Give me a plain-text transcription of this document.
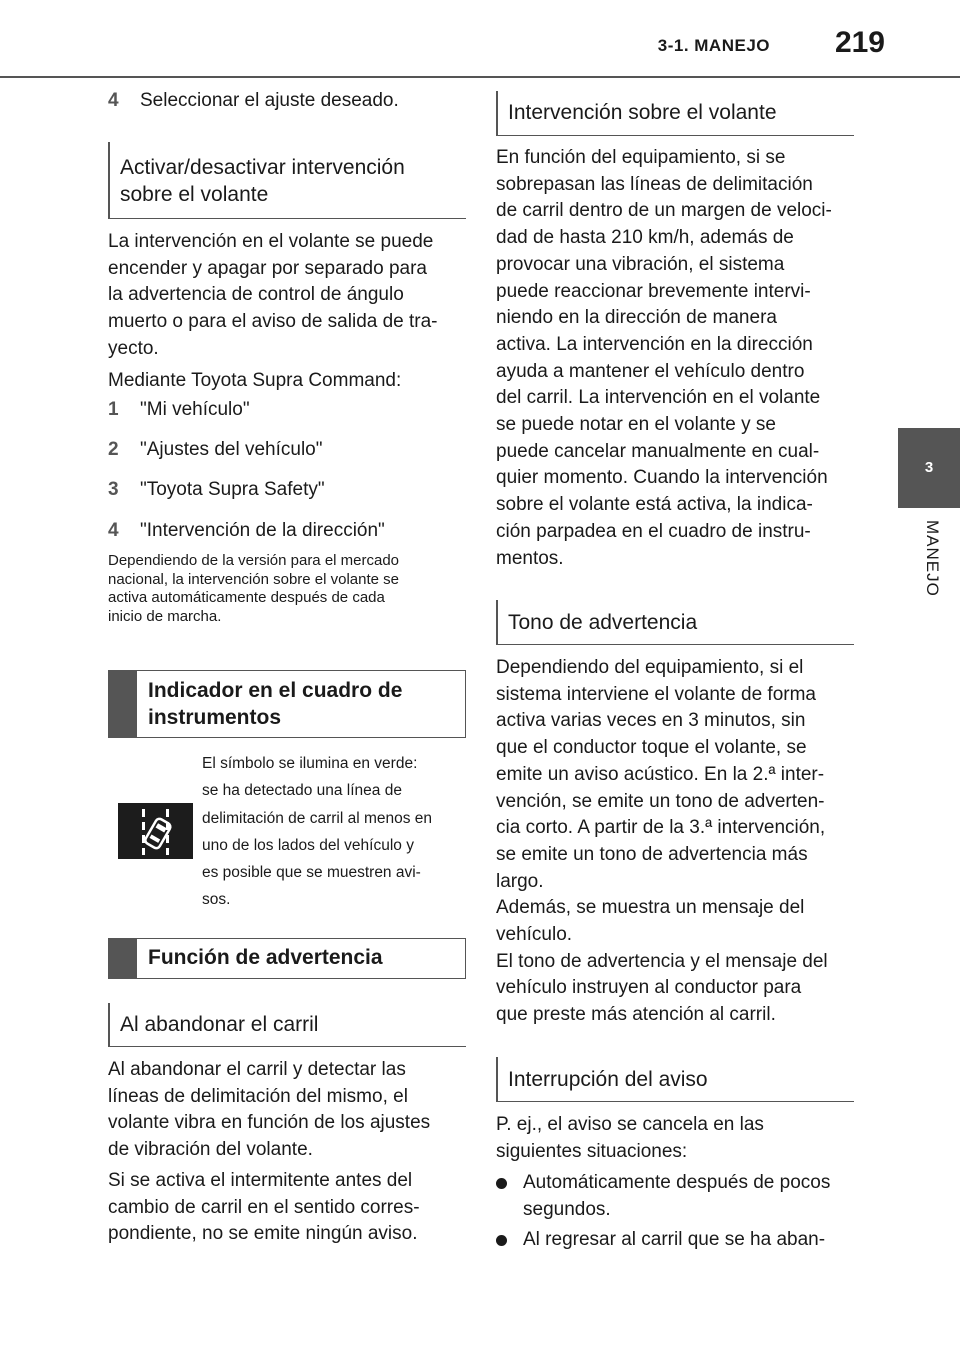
3-1. MANEJO 219
3
MANEJO
4 Seleccionar el ajuste deseado.
Activar/desactivar intervención
sobre el volante
La intervención en el volante se puede
encender y apagar por separado para
la advertencia de control de ángulo
muerto o para el aviso de salida de tra-
yecto.
Mediante Toyota Supra Command:
1 "Mi vehículo"
2 "Ajustes del vehículo"
3 "Toyota Supra Safety"
4 "Intervención de la dirección"
Dependiendo de la versión para el mercado
nacional, la intervención sobre el volante se
activa automáticamente después de cada
inicio de marcha.
Indicador en el cuadro de
instrumentos
El símbolo se ilumina en verde:
se ha detectado una línea de
delimitación de carril al menos en
uno de los lados del vehículo y
es posible que se muestren avi-
sos.
Función de advertencia
Al abandonar el carril
Al abandonar el carril y detectar las
líneas de delimitación del mismo, el
volante vibra en función de los ajustes
de vibración del volante.
Si se activa el intermitente antes del
cambio de carril en el sentido corres-
pondiente, no se emite ningún aviso.
Intervención sobre el volante
En función del equipamiento, si se
sobrepasan las líneas de delimitación
de carril dentro de un margen de veloci-
dad de hasta 210 km/h, además de
provocar una vibración, el sistema
puede reaccionar brevemente intervi-
niendo en la dirección de manera
activa. La intervención en la dirección
ayuda a mantener el vehículo dentro
del carril. La intervención en el volante
se puede notar en el volante y se
puede cancelar manualmente en cual-
quier momento. Cuando la intervención
sobre el volante está activa, la indica-
ción parpadea en el cuadro de instru-
mentos.
Tono de advertencia
Dependiendo del equipamiento, si el
sistema interviene el volante de forma
activa varias veces en 3 minutos, sin
que el conductor toque el volante, se
emite un aviso acústico. En la 2.ª inter-
vención, se emite un tono de adverten-
cia corto. A partir de la 3.ª intervención,
se emite un tono de advertencia más
largo.
Además, se muestra un mensaje del
vehículo.
El tono de advertencia y el mensaje del
vehículo instruyen al conductor para
que preste más atención al carril.
Interrupción del aviso
P. ej., el aviso se cancela en las
siguientes situaciones:
Automáticamente después de pocos
segundos.
Al regresar al carril que se ha aban-
